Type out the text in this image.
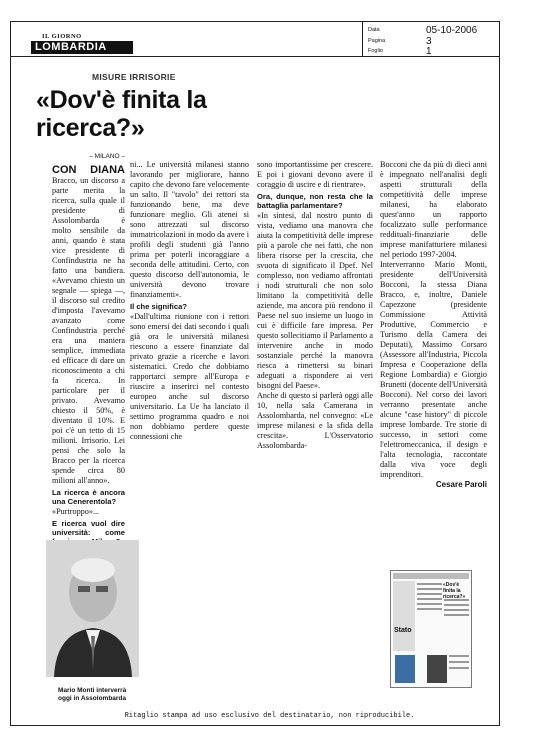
IL GIORNO
LOMBARDIA
Data	05-10-2006
Pagina	3
Foglio	1
MISURE IRRISORIE
«Dov'è finita la ricerca?»
– MILANO –

CON DIANA Bracco, un discorso a parte merita la ricerca, sulla quale il presidente di Assolombarda è molto sensibile da anni, quando è stata vice presidente di Confindustria ne ha fatto una bandiera. «Avevamo chiesto un segnale — spiega —, il discorso sul credito d'imposta l'avevamo avanzato come Confindustria perché era una maniera semplice, immediata ed efficace di dare un riconoscimento a chi fa ricerca. In particolare per il privato. Avevamo chiesto il 50%, è diventato il 10%. E poi c'è un tetto di 15 milioni. Irrisorio. Lei pensi che solo la Bracco per la ricerca spende circa 80 milioni all'anno».

La ricerca è ancora una Cenerentola?

«Purtroppo»...

E ricerca vuol dire università: come

ni... Le università milanesi stanno lavorando per migliorare, hanno capito che devono fare velocemente un salto. Il "tavolo" dei rettori sta funzionando bene, ma deve funzionare meglio. Gli atenei si sono attrezzati sul discorso immatricolazioni in modo da avere i profili degli studenti già l'anno prima per poterli incoraggiare a seconda delle attitudini. Certo, con questo discorso dell'autonomia, le università devono trovare finanziamenti».

Il che significa?

«Dall'ultima riunione con i rettori sono emersi dei dati secondo i quali già ora le università milanesi riescono a essere finanziate dal privato grazie a ricerche e lavori sistematici. Credo che dobbiamo rapportarci sempre all'Europa e riuscire a inserirci nel contesto europeo anche sul discorso universitario. La Ue ha lanciato il settimo programma quadro e noi non dobbiamo perdere queste connessioni che

sono importantissime per crescere. E poi i giovani devono avere il coraggio di uscire e di rientrare».

Ora, dunque, non resta che la battaglia parlamentare?

«In sintesi, dal nostro punto di vista, vediamo una manovra che aiuta la competitività delle imprese più a parole che nei fatti, che non libera risorse per la crescita, che svuota di significato il Dpef. Nel complesso, non vediamo affrontati i nodi strutturali che non solo limitano la competitività delle aziende, ma ancora più rendono il Paese nel suo insieme un luogo in cui è difficile fare impresa. Per questo sollecitiamo il Parlamento a intervenire anche in modo sostanziale perché la manovra riesca a rimettersi su binari adeguati a rispondere ai veri bisogni del Paese».

Anche di questo si parlerà oggi alle 10, nella sala Camerana in Assolombarda, nel convegno: «Le imprese milanesi e la sfida della crescita». L'Osservatorio Assolombarda-

Bocconi che da più di dieci anni è impegnato nell'analisi degli aspetti strutturali della competitività delle imprese milanesi, ha elaborato quest'anno un rapporto focalizzato sulle performance reddituali-finanziarie delle imprese manifatturiere milanesi nel periodo 1997-2004.

Interverranno Mario Monti, presidente dell'Università Bocconi, la stessa Diana Bracco, e, inoltre, Daniele Capezzone (presidente Commissione Attività Produttive, Commercio e Turismo della Camera dei Deputati), Massimo Corsaro (Assessore all'Industria, Piccola Impresa e Cooperazione della Regione Lombardia) e Giorgio Brunetti (docente dell'Università Bocconi). Nel corso dei lavori verranno presentate anche alcune "case history" di piccole imprese lombarde. Tre storie di successo, in settori come l'elettromeccanica, il design e l'alta tecnologia, raccontate dalla viva voce degli imprenditori.

Cesare Paroli
Mario Monti interverrà
oggi in Assolombarda
«Dov'è finita la ricerca?»
Stato
Ritaglio stampa ad uso esclusivo del destinatario, non riproducibile.
